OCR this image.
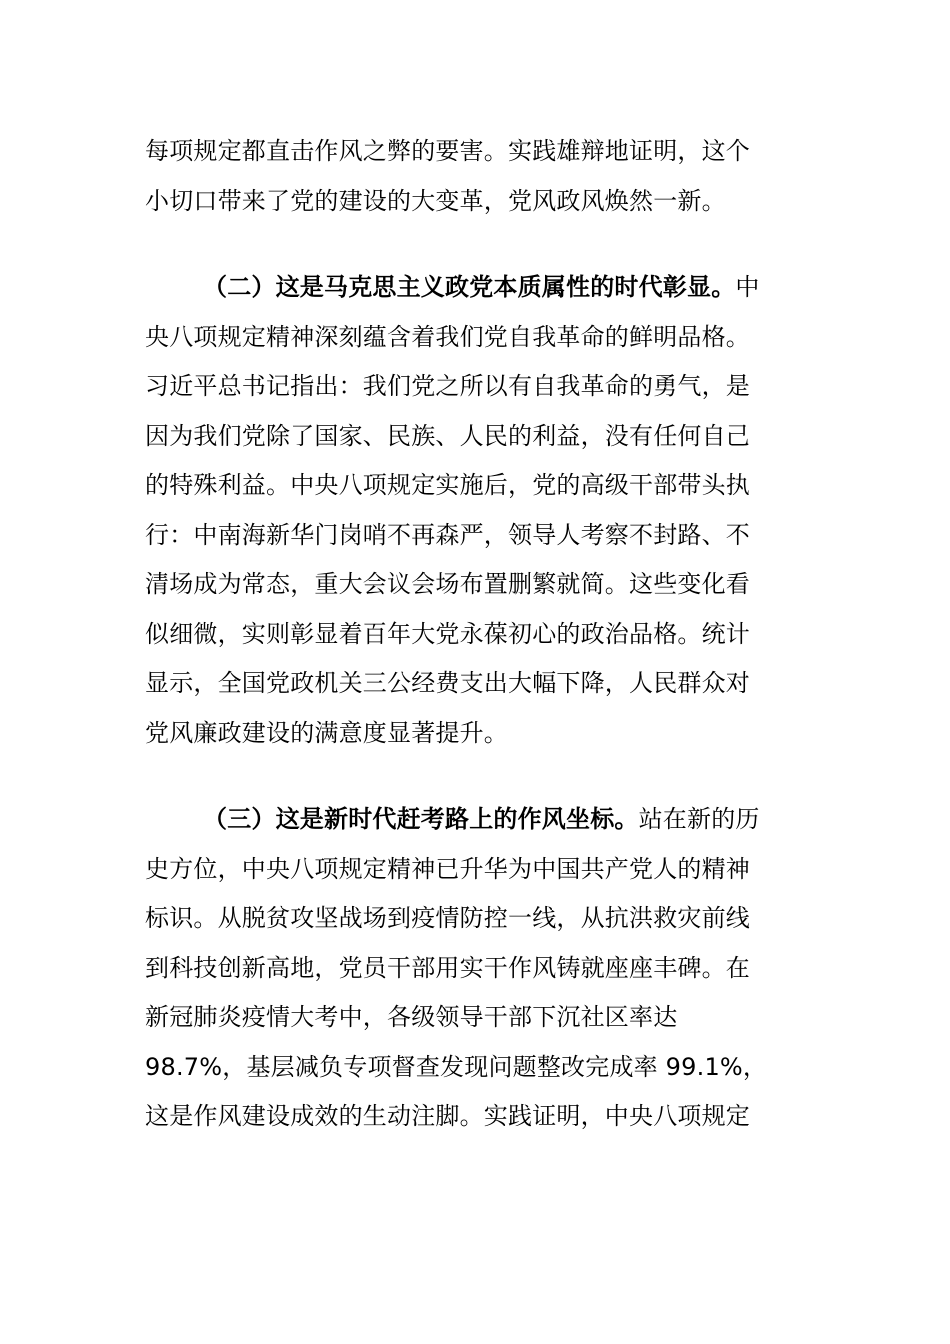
每项规定都直击作风之弊的要害。实践雄辩地证明，这个
小切口带来了党的建设的大变革，党风政风焕然一新。
（二）这是马克思主义政党本质属性的时代彰显。中
央八项规定精神深刻蕴含着我们党自我革命的鲜明品格。
习近平总书记指出：我们党之所以有自我革命的勇气，是
因为我们党除了国家、民族、人民的利益，没有任何自己
的特殊利益。中央八项规定实施后，党的高级干部带头执
行：中南海新华门岗哨不再森严，领导人考察不封路、不
清场成为常态，重大会议会场布置删繁就简。这些变化看
似细微，实则彰显着百年大党永葆初心的政治品格。统计
显示，全国党政机关三公经费支出大幅下降，人民群众对
党风廉政建设的满意度显著提升。
（三）这是新时代赶考路上的作风坐标。站在新的历
史方位，中央八项规定精神已升华为中国共产党人的精神
标识。从脱贫攻坚战场到疫情防控一线，从抗洪救灾前线
到科技创新高地，党员干部用实干作风铸就座座丰碑。在
新冠肺炎疫情大考中，各级领导干部下沉社区率达
98.7%，基层减负专项督查发现问题整改完成率 99.1%，
这是作风建设成效的生动注脚。实践证明，中央八项规定
